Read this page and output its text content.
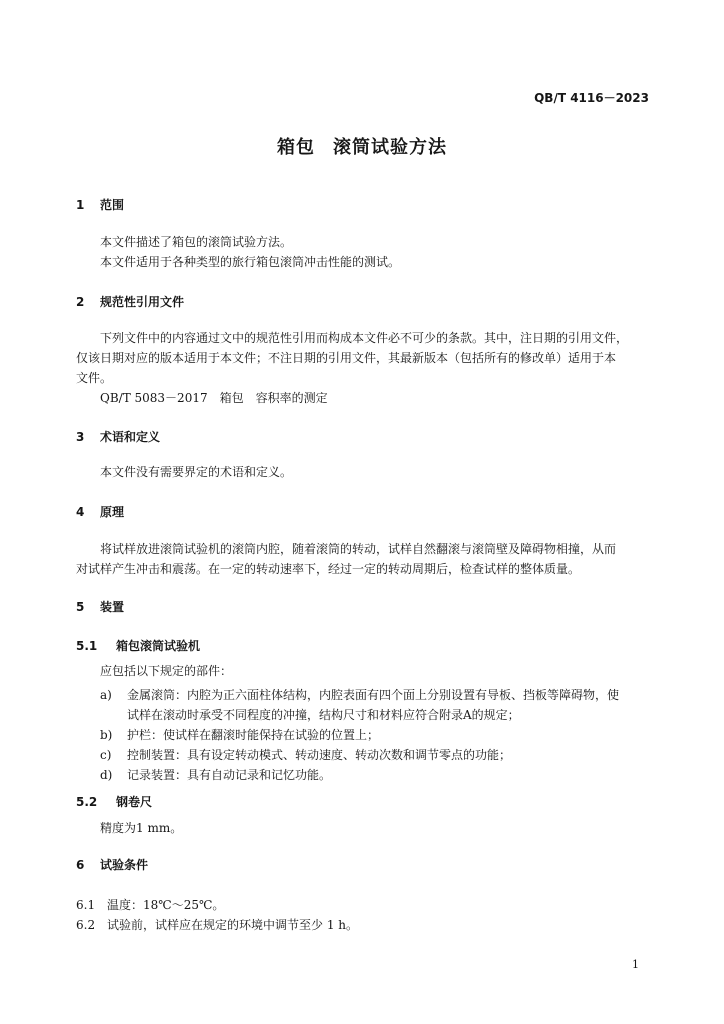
QB/T 4116－2023
箱包 滚筒试验方法
1 范围
本文件描述了箱包的滚筒试验方法。
本文件适用于各种类型的旅行箱包滚筒冲击性能的测试。
2 规范性引用文件
下列文件中的内容通过文中的规范性引用而构成本文件必不可少的条款。其中，注日期的引用文件，
仅该日期对应的版本适用于本文件；不注日期的引用文件，其最新版本（包括所有的修改单）适用于本
文件。
QB/T 5083－2017　箱包　容积率的测定
3 术语和定义
本文件没有需要界定的术语和定义。
4 原理
将试样放进滚筒试验机的滚筒内腔，随着滚筒的转动，试样自然翻滚与滚筒壁及障碍物相撞，从而
对试样产生冲击和震荡。在一定的转动速率下，经过一定的转动周期后，检查试样的整体质量。
5 装置
5.1 箱包滚筒试验机
应包括以下规定的部件：
a) 金属滚筒：内腔为正六面柱体结构，内腔表面有四个面上分别设置有导板、挡板等障碍物，使
试样在滚动时承受不同程度的冲撞，结构尺寸和材料应符合附录A的规定；
b) 护栏：使试样在翻滚时能保持在试验的位置上；
c) 控制装置：具有设定转动模式、转动速度、转动次数和调节零点的功能；
d) 记录装置：具有自动记录和记忆功能。
5.2 钢卷尺
精度为1 mm。
6 试验条件
6.1 温度：18℃～25℃。
6.2 试验前，试样应在规定的环境中调节至少 1 h。
1
